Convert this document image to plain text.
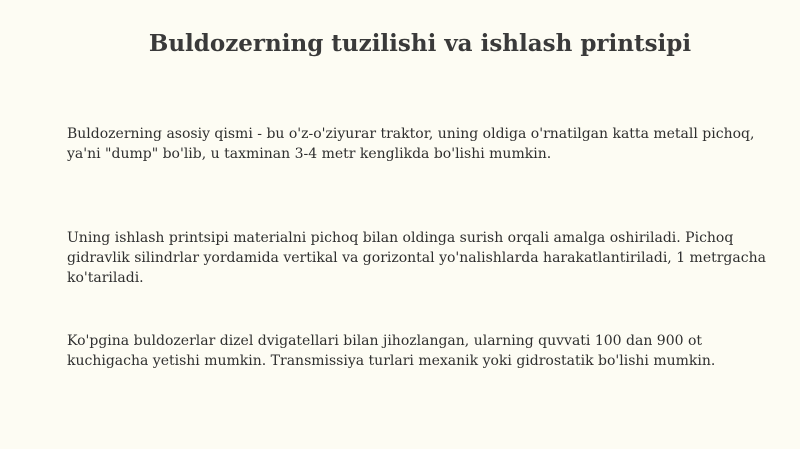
Buldozerning tuzilishi va ishlash printsipi

Buldozerning asosiy qismi - bu o'z-o'ziyurar traktor, uning oldiga o'rnatilgan katta metall pichoq, ya'ni "dump" bo'lib, u taxminan 3-4 metr kenglikda bo'lishi mumkin.

Uning ishlash printsipi materialni pichoq bilan oldinga surish orqali amalga oshiriladi. Pichoq gidravlik silindrlar yordamida vertikal va gorizontal yo'nalishlarda harakatlantiriladi, 1 metrgacha ko'tariladi.

Ko'pgina buldozerlar dizel dvigatellari bilan jihozlangan, ularning quvvati 100 dan 900 ot kuchigacha yetishi mumkin. Transmissiya turlari mexanik yoki gidrostatik bo'lishi mumkin.
